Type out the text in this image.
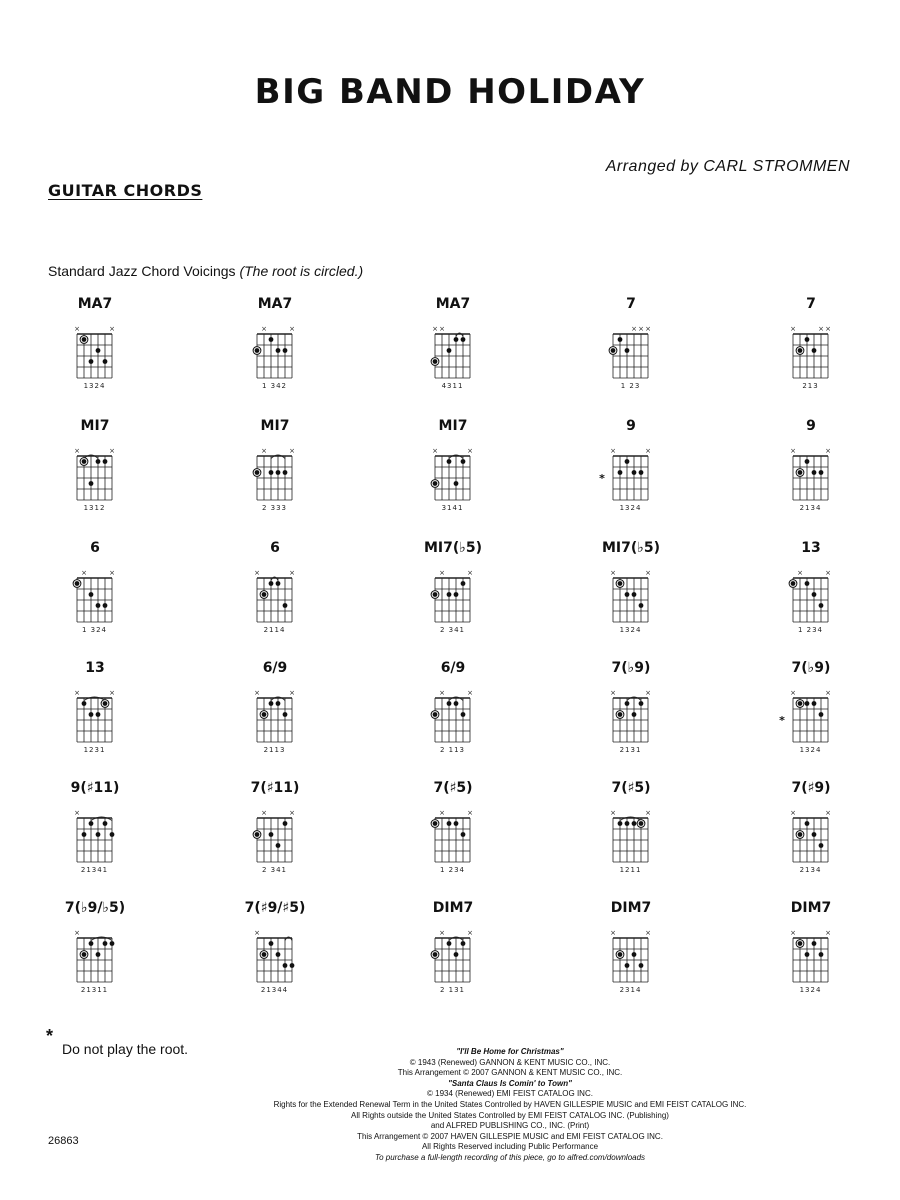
BIG BAND HOLIDAY
Arranged by CARL STROMMEN
GUITAR CHORDS
Standard Jazz Chord Voicings (The root is circled.)
MA7
×	×
1324
MA7
×	×
1 342
MA7
× ×
4311
7
× × ×
1 23
7
×	× ×
213
MI7
×	×
1312
MI7
×	×
2 333
MI7
×	×
3141
9
×	×
*
1324
9
×	×
2134
6
×	×
1 324
6
×	×
2114
MI7(♭5)
×	×
2 341
MI7(♭5)
×	×
1324
13
×	×
1 234
13
×	×
1231
6/9
×	×
2113
6/9
×	×
2 113
7(♭9)
×	×
2131
7(♭9)
×	×
*
1324
9(♯11)
×
21341
7(♯11)
×	×
2 341
7(♯5)
×	×
1 234
7(♯5)
×	×
1211
7(♯9)
×	×
2134
7(♭9/♭5)
×
21311
7(♯9/♯5)
×
21344
DIM7
×	×
2 131
DIM7
×	×
2314
DIM7
×	×
1324
*
Do not play the root.	"I'll Be Home for Christmas"
© 1943 (Renewed) GANNON & KENT MUSIC CO., INC.
This Arrangement © 2007 GANNON & KENT MUSIC CO., INC.
"Santa Claus Is Comin' to Town"
© 1934 (Renewed) EMI FEIST CATALOG INC.
Rights for the Extended Renewal Term in the United States Controlled by HAVEN GILLESPIE MUSIC and EMI FEIST CATALOG INC.
All Rights outside the United States Controlled by EMI FEIST CATALOG INC. (Publishing)
and ALFRED PUBLISHING CO., INC. (Print)
This Arrangement © 2007 HAVEN GILLESPIE MUSIC and EMI FEIST CATALOG INC.
All Rights Reserved including Public Performance
To purchase a full-length recording of this piece, go to alfred.com/downloads
26863
